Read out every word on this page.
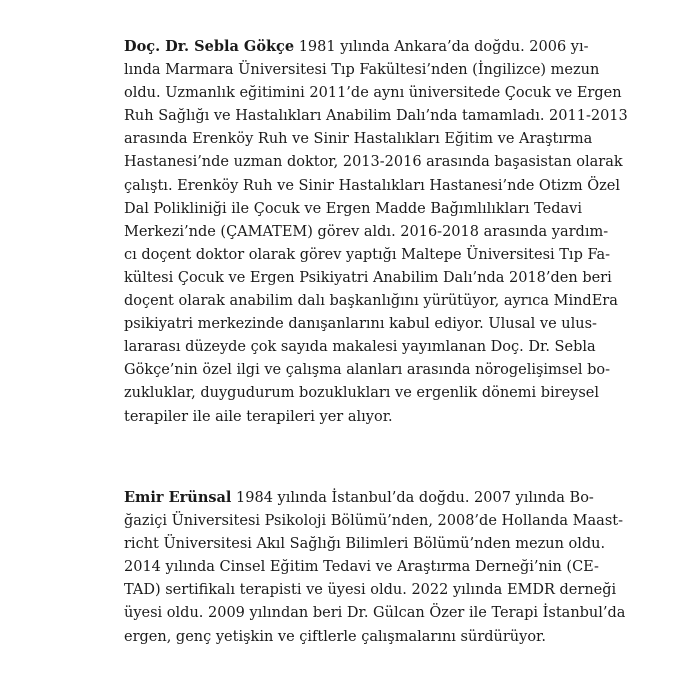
Doç. Dr. Sebla Gökçe 1981 yılında Ankara’da doğdu. 2006 yı-
lında Marmara Üniversitesi Tıp Fakültesi’nden (İngilizce) mezun
oldu. Uzmanlık eğitimini 2011’de aynı üniversitede Çocuk ve Ergen
Ruh Sağlığı ve Hastalıkları Anabilim Dalı’nda tamamladı. 2011-2013
arasında Erenköy Ruh ve Sinir Hastalıkları Eğitim ve Araştırma
Hastanesi’nde uzman doktor, 2013-2016 arasında başasistan olarak
çalıştı. Erenköy Ruh ve Sinir Hastalıkları Hastanesi’nde Otizm Özel
Dal Polikliniği ile Çocuk ve Ergen Madde Bağımlılıkları Tedavi
Merkezi’nde (ÇAMATEM) görev aldı. 2016-2018 arasında yardım-
cı doçent doktor olarak görev yaptığı Maltepe Üniversitesi Tıp Fa-
kültesi Çocuk ve Ergen Psikiyatri Anabilim Dalı’nda 2018’den beri
doçent olarak anabilim dalı başkanlığını yürütüyor, ayrıca MindEra
psikiyatri merkezinde danışanlarını kabul ediyor. Ulusal ve ulus-
lararası düzeyde çok sayıda makalesi yayımlanan Doç. Dr. Sebla
Gökçe’nin özel ilgi ve çalışma alanları arasında nörogelişimsel bo-
zukluklar, duygudurum bozuklukları ve ergenlik dönemi bireysel
terapiler ile aile terapileri yer alıyor.
Emir Erünsal 1984 yılında İstanbul’da doğdu. 2007 yılında Bo-
ğaziçi Üniversitesi Psikoloji Bölümü’nden, 2008’de Hollanda Maast-
richt Üniversitesi Akıl Sağlığı Bilimleri Bölümü’nden mezun oldu.
2014 yılında Cinsel Eğitim Tedavi ve Araştırma Derneği’nin (CE-
TAD) sertifikalı terapisti ve üyesi oldu. 2022 yılında EMDR derneği
üyesi oldu. 2009 yılından beri Dr. Gülcan Özer ile Terapi İstanbul’da
ergen, genç yetişkin ve çiftlerle çalışmalarını sürdürüyor.
